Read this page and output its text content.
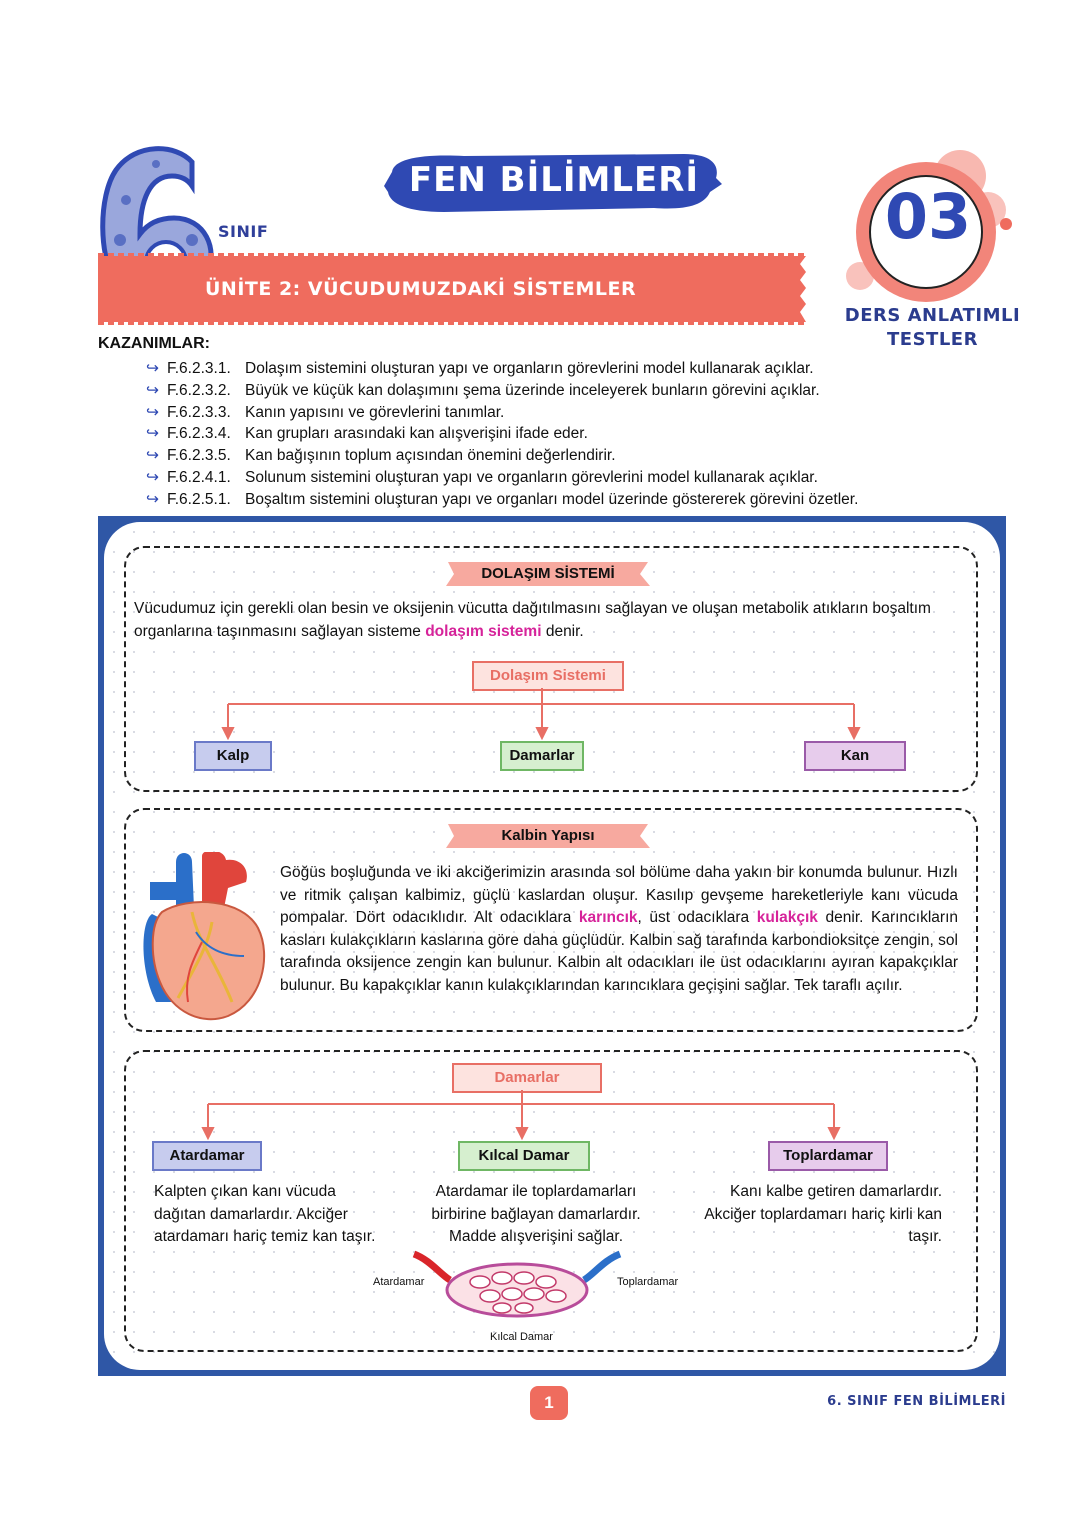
SINIF
FEN BİLİMLERİ
ÜNİTE 2: VÜCUDUMUZDAKİ SİSTEMLER
03
DERS ANLATIMLI
TESTLER
KAZANIMLAR:
↪ F.6.2.3.1. Dolaşım sistemini oluşturan yapı ve organların görevlerini model kullanarak açıklar.
↪ F.6.2.3.2. Büyük ve küçük kan dolaşımını şema üzerinde inceleyerek bunların görevini açıklar.
↪ F.6.2.3.3. Kanın yapısını ve görevlerini tanımlar.
↪ F.6.2.3.4. Kan grupları arasındaki kan alışverişini ifade eder.
↪ F.6.2.3.5. Kan bağışının toplum açısından önemini değerlendirir.
↪ F.6.2.4.1. Solunum sistemini oluşturan yapı ve organların görevlerini model kullanarak açıklar.
↪ F.6.2.5.1. Boşaltım sistemini oluşturan yapı ve organları model üzerinde göstererek görevini özetler.
DOLAŞIM SİSTEMİ
Vücudumuz için gerekli olan besin ve oksijenin vücutta dağıtılmasını sağlayan ve oluşan metabolik atıkların boşaltım organlarına taşınmasını sağlayan sisteme dolaşım sistemi denir.
Dolaşım Sistemi
Kalp	Damarlar	Kan
Kalbin Yapısı
Göğüs boşluğunda ve iki akciğerimizin arasında sol bölüme daha yakın bir konumda bulunur. Hızlı ve ritmik çalışan kalbimiz, güçlü kaslardan oluşur. Kasılıp gevşeme hareketleriyle kanı vücuda pompalar. Dört odacıklıdır. Alt odacıklara karıncık, üst odacıklara kulakçık denir. Karıncıkların kasları kulakçıkların kaslarına göre daha güçlüdür. Kalbin sağ tarafında karbondioksitçe zengin, sol tarafında oksijence zengin kan bulunur. Kalbin alt odacıkları ile üst odacıklarını ayıran kapakçıklar bulunur. Bu kapakçıklar kanın kulakçıklarından karıncıklara geçişini sağlar. Tek taraflı açılır.
Damarlar
Atardamar	Kılcal Damar	Toplardamar
Kalpten çıkan kanı vücuda dağıtan damarlardır. Akciğer atardamarı hariç temiz kan taşır.
Atardamar ile toplardamarları birbirine bağlayan damarlardır. Madde alışverişini sağlar.
Kanı kalbe getiren damarlardır. Akciğer toplardamarı hariç kirli kan taşır.
Atardamar	Toplardamar
Kılcal Damar
1	6. SINIF FEN BİLİMLERİ
